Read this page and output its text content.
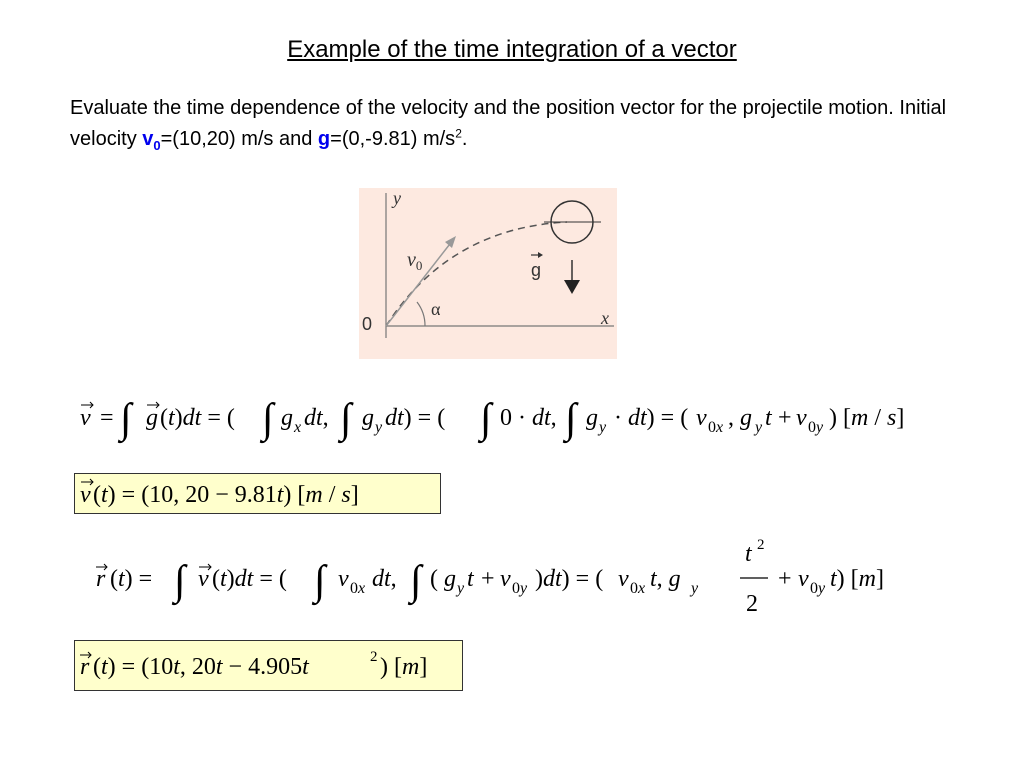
Example of the time integration of a vector
Evaluate the time dependence of the velocity and the position vector for the projectile motion. Initial velocity $v_0=(10,20)$ m/s and g=(0,-9.81) $m/s^2$.
y
x
0
$v_0$
α
g
v = ∫ g (t)dt = ( ∫ g x dt, ∫ g y dt) = ( ∫ 0 · dt, ∫ g y · dt) = ( v 0x , g y t + v 0y ) [m / s]
v (t) = (10, 20 − 9.81t) [m / s]
r (t) = ∫ v (t)dt = ( ∫ v 0x dt, ∫ ( g y t + v 0y )dt) = ( v 0x t, g y
t 2
2
+ v 0y t) [m]
r (t) = (10t, 20t − 4.905t	2 ) [m]
